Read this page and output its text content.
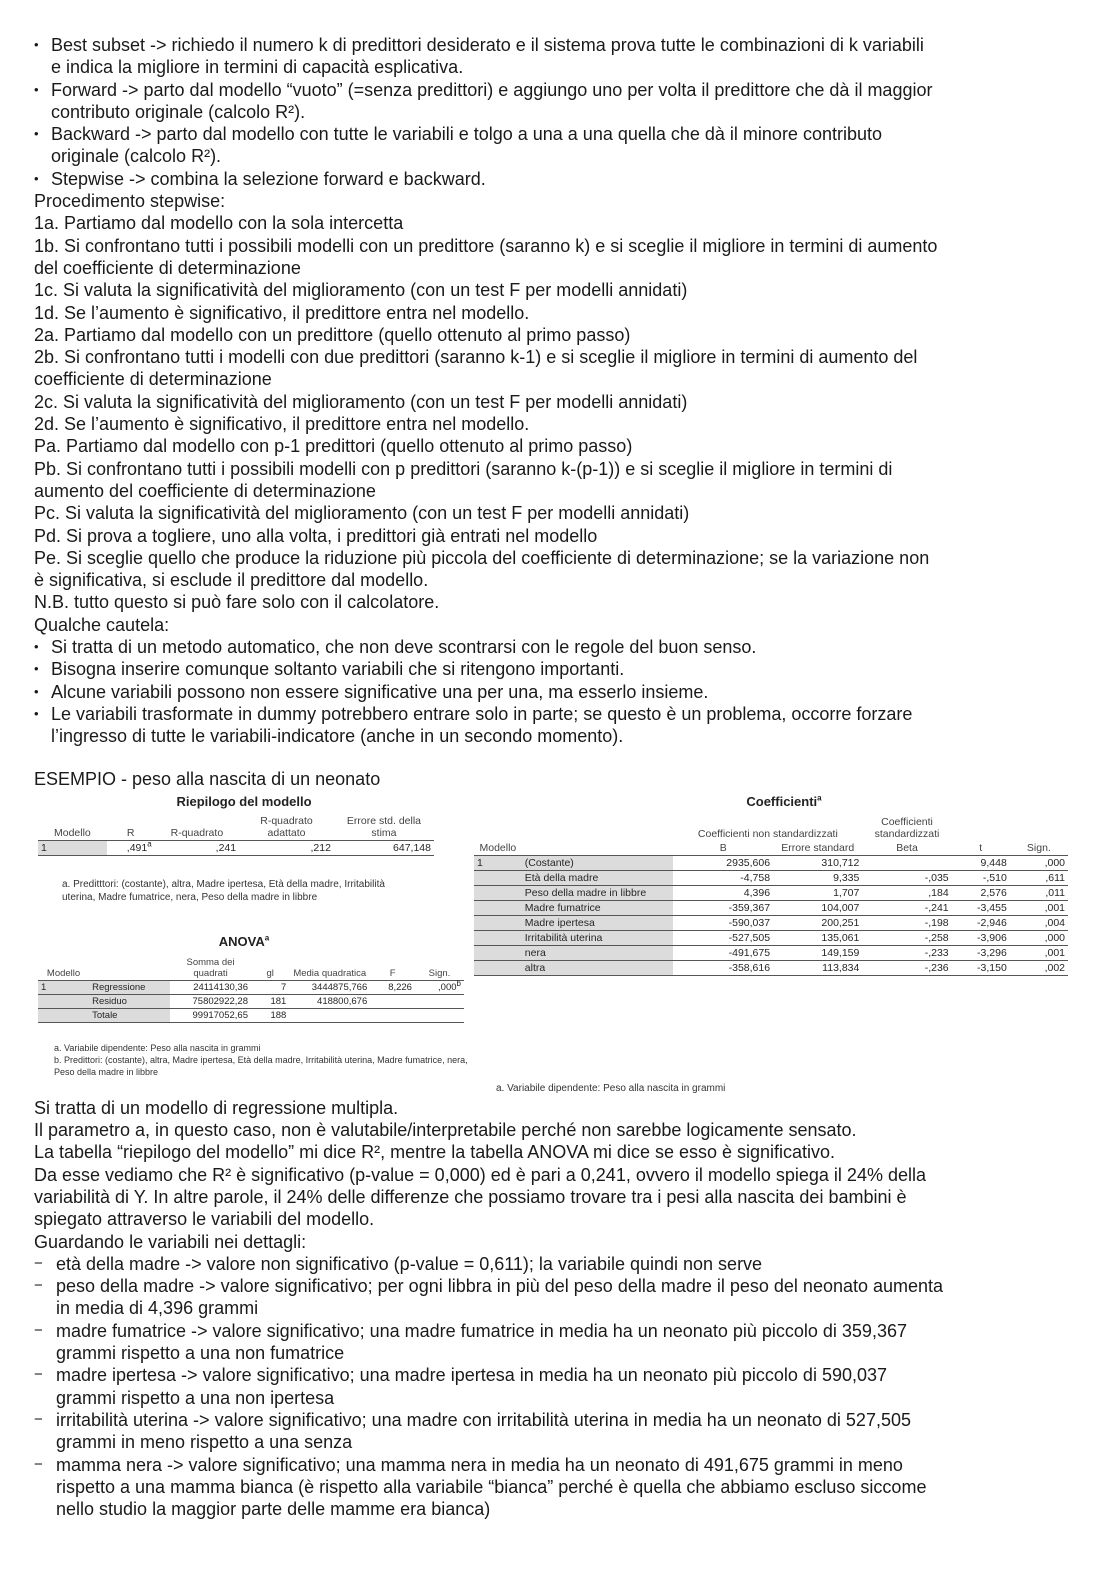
• Best subset -> richiedo il numero k di predittori desiderato e il sistema prova tutte le combinazioni di k variabili
e indica la migliore in termini di capacità esplicativa.
• Forward -> parto dal modello “vuoto” (=senza predittori) e aggiungo uno per volta il predittore che dà il maggior
contributo originale (calcolo R²).
• Backward -> parto dal modello con tutte le variabili e tolgo a una a una quella che dà il minore contributo
originale (calcolo R²).
• Stepwise -> combina la selezione forward e backward.

Procedimento stepwise:

1a. Partiamo dal modello con la sola intercetta

1b. Si confrontano tutti i possibili modelli con un predittore (saranno k) e si sceglie il migliore in termini di aumento

del coefficiente di determinazione

1c. Si valuta la significatività del miglioramento (con un test F per modelli annidati)

1d. Se l’aumento è significativo, il predittore entra nel modello.

2a. Partiamo dal modello con un predittore (quello ottenuto al primo passo)

2b. Si confrontano tutti i modelli con due predittori (saranno k-1) e si sceglie il migliore in termini di aumento del

coefficiente di determinazione

2c. Si valuta la significatività del miglioramento (con un test F per modelli annidati)

2d. Se l’aumento è significativo, il predittore entra nel modello.

Pa. Partiamo dal modello con p-1 predittori (quello ottenuto al primo passo)

Pb. Si confrontano tutti i possibili modelli con p predittori (saranno k-(p-1)) e si sceglie il migliore in termini di

aumento del coefficiente di determinazione

Pc. Si valuta la significatività del miglioramento (con un test F per modelli annidati)

Pd. Si prova a togliere, uno alla volta, i predittori già entrati nel modello

Pe. Si sceglie quello che produce la riduzione più piccola del coefficiente di determinazione; se la variazione non

è significativa, si esclude il predittore dal modello.

N.B. tutto questo si può fare solo con il calcolatore.

Qualche cautela:

• Si tratta di un metodo automatico, che non deve scontrarsi con le regole del buon senso.
• Bisogna inserire comunque soltanto variabili che si ritengono importanti.
• Alcune variabili possono non essere significative una per una, ma esserlo insieme.
• Le variabili trasformate in dummy potrebbero entrare solo in parte; se questo è un problema, occorre forzare
l’ingresso di tutte le variabili-indicatore (anche in un secondo momento).

ESEMPIO - peso alla nascita di un neonato

Riepilogo del modello
Modello	R	R-quadrato	R-quadrato adattato	Errore std. della stima
1	,491$^a$	,241	,212	647,148
a. Preditttori: (costante), altra, Madre ipertesa, Età della madre, Irritabilità uterina, Madre fumatrice, nera, Peso della madre in libbre
ANOVA$^a$
Modello		Somma dei quadrati	gl	Media quadratica	F	Sign.
1	Regressione	24114130,36	7	3444875,766	8,226	,000$^b$
	Residuo	75802922,28	181	418800,676		
	Totale	99917052,65	188			
a. Variabile dipendente: Peso alla nascita in grammi
b. Predittori: (costante), altra, Madre ipertesa, Età della madre, Irritabilità uterina, Madre fumatrice, nera, Peso della madre in libbre
Coefficienti$^a$
		Coefficienti non standardizzati		Coefficienti standardizzati		
Modello		B	Errore standard	Beta	t	Sign.
1	(Costante)	2935,606	310,712		9,448	,000
	Età della madre	-4,758	9,335	-,035	-,510	,611
	Peso della madre in libbre	4,396	1,707	,184	2,576	,011
	Madre fumatrice	-359,367	104,007	-,241	-3,455	,001
	Madre ipertesa	-590,037	200,251	-,198	-2,946	,004
	Irritabilità uterina	-527,505	135,061	-,258	-3,906	,000
	nera	-491,675	149,159	-,233	-3,296	,001
	altra	-358,616	113,834	-,236	-3,150	,002
a. Variabile dipendente: Peso alla nascita in grammi

Si tratta di un modello di regressione multipla.

Il parametro a, in questo caso, non è valutabile/interpretabile perché non sarebbe logicamente sensato.

La tabella “riepilogo del modello” mi dice R², mentre la tabella ANOVA mi dice se esso è significativo.

Da esse vediamo che R² è significativo (p-value = 0,000) ed è pari a 0,241, ovvero il modello spiega il 24% della

variabilità di Y. In altre parole, il 24% delle differenze che possiamo trovare tra i pesi alla nascita dei bambini è

spiegato attraverso le variabili del modello.

Guardando le variabili nei dettagli:

− età della madre -> valore non significativo (p-value = 0,611); la variabile quindi non serve
− peso della madre -> valore significativo; per ogni libbra in più del peso della madre il peso del neonato aumenta
in media di 4,396 grammi
− madre fumatrice -> valore significativo; una madre fumatrice in media ha un neonato più piccolo di 359,367
grammi rispetto a una non fumatrice
− madre ipertesa -> valore significativo; una madre ipertesa in media ha un neonato più piccolo di 590,037
grammi rispetto a una non ipertesa
− irritabilità uterina -> valore significativo; una madre con irritabilità uterina in media ha un neonato di 527,505
grammi in meno rispetto a una senza
− mamma nera -> valore significativo; una mamma nera in media ha un neonato di 491,675 grammi in meno
rispetto a una mamma bianca (è rispetto alla variabile “bianca” perché è quella che abbiamo escluso siccome
nello studio la maggior parte delle mamme era bianca)
